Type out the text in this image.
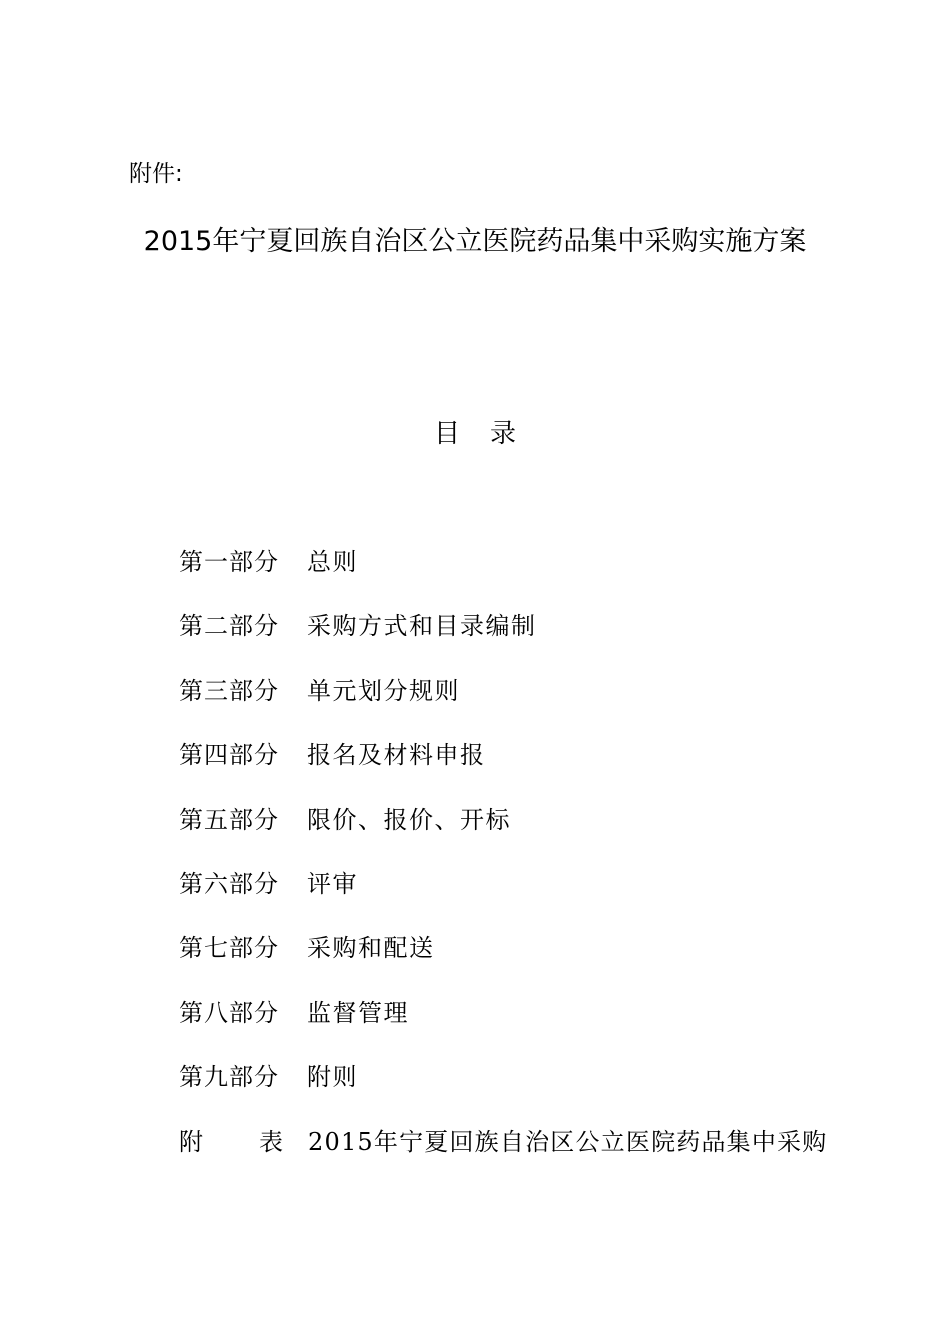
附件:
2015年宁夏回族自治区公立医院药品集中采购实施方案
目录
第一部分	总则
第二部分	采购方式和目录编制
第三部分	单元划分规则
第四部分	报名及材料申报
第五部分	限价、报价、开标
第六部分	评审
第七部分	采购和配送
第八部分	监督管理
第九部分	附则
附	表	2015年宁夏回族自治区公立医院药品集中采购
